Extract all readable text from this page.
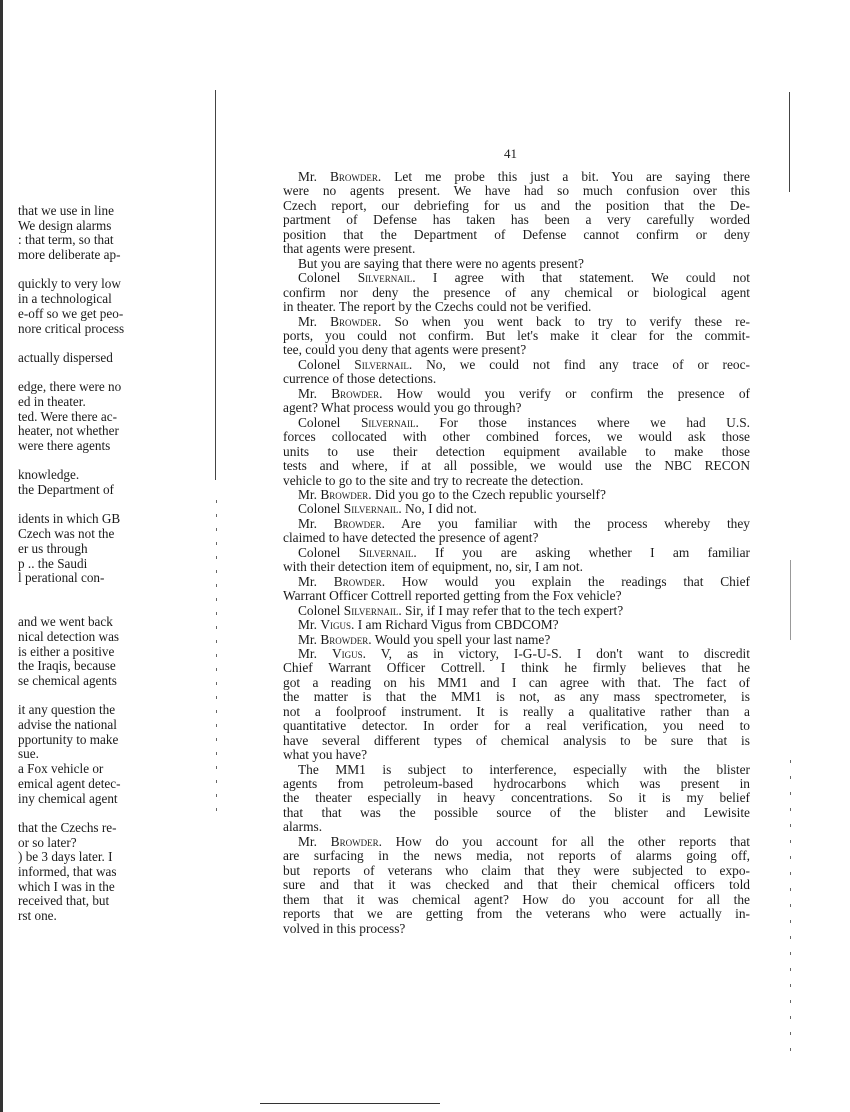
41
that we use in line
We design alarms
: that term, so that
more deliberate ap-
quickly to very low
in a technological
e-off so we get peo-
nore critical process
actually dispersed
edge, there were no
ed in theater.
ted. Were there ac-
heater, not whether
were there agents
knowledge.
the Department of
idents in which GB
Czech was not the
er us through
p .. the Saudi
l perational con-
and we went back
nical detection was
is either a positive
the Iraqis, because
se chemical agents
it any question the
advise the national
pportunity to make
sue.
a Fox vehicle or
emical agent detec-
iny chemical agent
that the Czechs re-
or so later?
) be 3 days later. I
informed, that was
which I was in the
received that, but
rst one.
Mr. Browder. Let me probe this just a bit. You are saying there
were no agents present. We have had so much confusion over this
Czech report, our debriefing for us and the position that the De-
partment of Defense has taken has been a very carefully worded
position that the Department of Defense cannot confirm or deny
that agents were present.
But you are saying that there were no agents present?
Colonel Silvernail. I agree with that statement. We could not
confirm nor deny the presence of any chemical or biological agent
in theater. The report by the Czechs could not be verified.
Mr. Browder. So when you went back to try to verify these re-
ports, you could not confirm. But let's make it clear for the commit-
tee, could you deny that agents were present?
Colonel Silvernail. No, we could not find any trace of or reoc-
currence of those detections.
Mr. Browder. How would you verify or confirm the presence of
agent? What process would you go through?
Colonel Silvernail. For those instances where we had U.S.
forces collocated with other combined forces, we would ask those
units to use their detection equipment available to make those
tests and where, if at all possible, we would use the NBC RECON
vehicle to go to the site and try to recreate the detection.
Mr. Browder. Did you go to the Czech republic yourself?
Colonel Silvernail. No, I did not.
Mr. Browder. Are you familiar with the process whereby they
claimed to have detected the presence of agent?
Colonel Silvernail. If you are asking whether I am familiar
with their detection item of equipment, no, sir, I am not.
Mr. Browder. How would you explain the readings that Chief
Warrant Officer Cottrell reported getting from the Fox vehicle?
Colonel Silvernail. Sir, if I may refer that to the tech expert?
Mr. Vigus. I am Richard Vigus from CBDCOM?
Mr. Browder. Would you spell your last name?
Mr. Vigus. V, as in victory, I-G-U-S. I don't want to discredit
Chief Warrant Officer Cottrell. I think he firmly believes that he
got a reading on his MM1 and I can agree with that. The fact of
the matter is that the MM1 is not, as any mass spectrometer, is
not a foolproof instrument. It is really a qualitative rather than a
quantitative detector. In order for a real verification, you need to
have several different types of chemical analysis to be sure that is
what you have?
The MM1 is subject to interference, especially with the blister
agents from petroleum-based hydrocarbons which was present in
the theater especially in heavy concentrations. So it is my belief
that that was the possible source of the blister and Lewisite
alarms.
Mr. Browder. How do you account for all the other reports that
are surfacing in the news media, not reports of alarms going off,
but reports of veterans who claim that they were subjected to expo-
sure and that it was checked and that their chemical officers told
them that it was chemical agent? How do you account for all the
reports that we are getting from the veterans who were actually in-
volved in this process?
